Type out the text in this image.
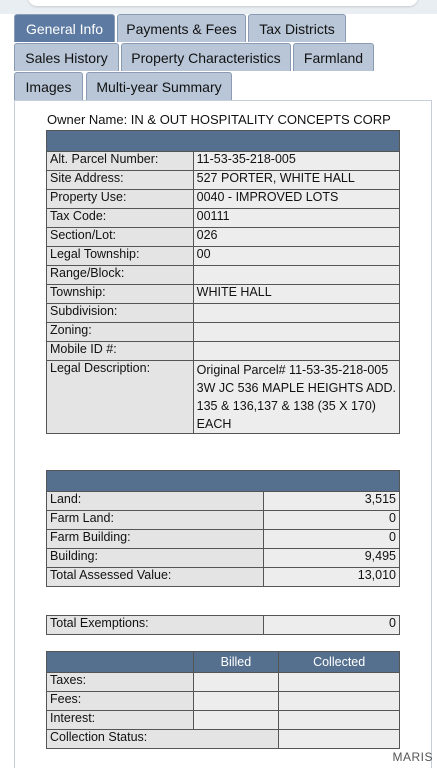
General Info	Payments & Fees	Tax Districts
Sales History	Property Characteristics	Farmland
Images	Multi-year Summary
Owner Name: IN & OUT HOSPITALITY CONCEPTS CORP

Alt. Parcel Number:	11-53-35-218-005
Site Address:	527 PORTER, WHITE HALL
Property Use:	0040 - IMPROVED LOTS
Tax Code:	00111
Section/Lot:	026
Legal Township:	00
Range/Block:	
Township:	WHITE HALL
Subdivision:	
Zoning:	
Mobile ID #:	
Legal Description:	Original Parcel# 11-53-35-218-005
3W JC 536 MAPLE HEIGHTS ADD.
135 & 136,137 & 138 (35 X 170)
EACH

Land:	3,515
Farm Land:	0
Farm Building:	0
Building:	9,495
Total Assessed Value:	13,010
Total Exemptions:	0
	Billed	Collected
Taxes:		
Fees:		
Interest:		
Collection Status:		
MARIS
